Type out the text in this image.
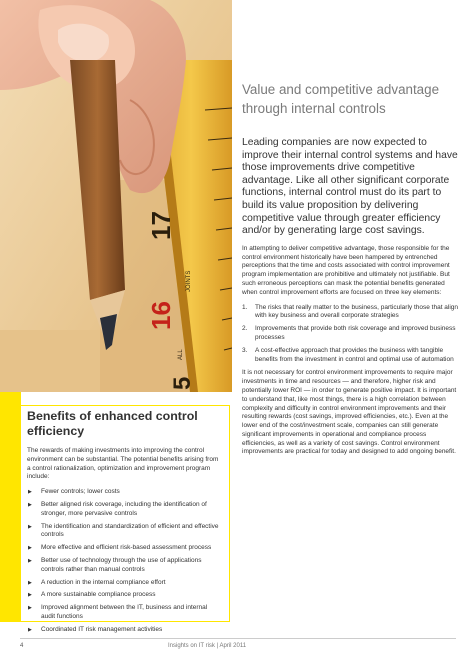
17
16
5
JOINTS
ALL
Benefits of enhanced control efficiency

The rewards of making investments into improving the control environment can be substantial. The potential benefits arising from a control rationalization, optimization and improvement program include:

▶ Fewer controls; lower costs
▶ Better aligned risk coverage, including the identification of stronger, more pervasive controls
▶ The identification and standardization of efficient and effective controls
▶ More effective and efficient risk-based assessment process
▶ Better use of technology through the use of applications controls rather than manual controls
▶ A reduction in the internal compliance effort
▶ A more sustainable compliance process
▶ Improved alignment between the IT, business and internal audit functions
▶ Coordinated IT risk management activities
Value and competitive advantage through internal controls

Leading companies are now expected to improve their internal control systems and have those improvements drive competitive advantage. Like all other significant corporate functions, internal control must do its part to build its value proposition by delivering competitive value through greater efficiency and/or by generating large cost savings.

In attempting to deliver competitive advantage, those responsible for the control environment historically have been hampered by entrenched perceptions that the time and costs associated with control improvement program implementation are prohibitive and ultimately not justifiable. But such erroneous perceptions can mask the potential benefits generated when control improvement efforts are focused on three key elements:

1. The risks that really matter to the business, particularly those that align with key business and overall corporate strategies
2. Improvements that provide both risk coverage and improved business processes
3. A cost-effective approach that provides the business with tangible benefits from the investment in control and optimal use of automation

It is not necessary for control environment improvements to require major investments in time and resources — and therefore, higher risk and potentially lower ROI — in order to generate positive impact. It is important to understand that, like most things, there is a high correlation between complexity and difficulty in control environment improvements and their resulting rewards (cost savings, improved efficiencies, etc.). Even at the lower end of the cost/investment scale, companies can still generate significant improvements in operational and compliance process efficiencies, as well as a variety of cost savings. Control environment improvements are practical for today and designed to add ongoing benefit.

4	Insights on IT risk | April 2011
